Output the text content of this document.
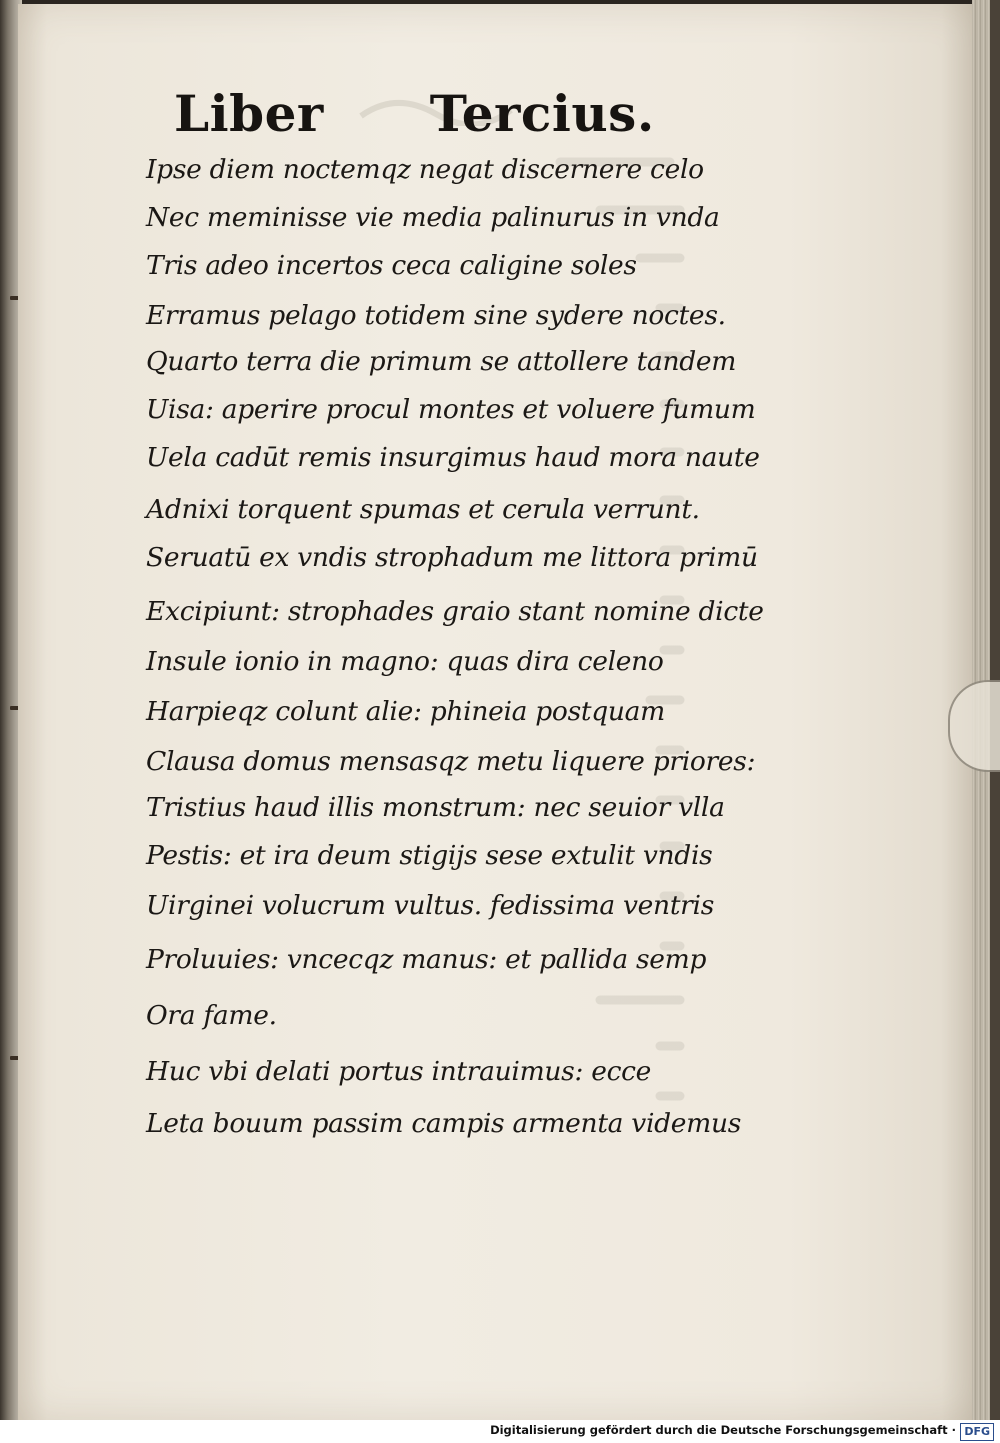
Liber Tercius.
Ipse diem noctemqz negat discernere celo
Nec meminisse vie media palinurus in vnda
Tris adeo incertos ceca caligine soles
Erramus pelago totidem sine sydere noctes.
Quarto terra die primum se attollere tandem
Uisa: aperire procul montes et voluere fumum
Uela cadūt remis insurgimus haud mora naute
Adnixi torquent spumas et cerula verrunt.
Seruatū ex vndis strophadum me littora primū
Excipiunt: strophades graio stant nomine dicte
Insule ionio in magno: quas dira celeno
Harpieqz colunt alie: phineia postquam
Clausa domus mensasqz metu liquere priores:
Tristius haud illis monstrum: nec seuior vlla
Pestis: et ira deum stigijs sese extulit vndis
Uirginei volucrum vultus. fedissima ventris
Proluuies: vncecqz manus: et pallida semp
Ora fame.
Huc vbi delati portus intrauimus: ecce
Leta bouum passim campis armenta videmus
Digitalisierung gefördert durch die Deutsche Forschungsgemeinschaft · DFG
